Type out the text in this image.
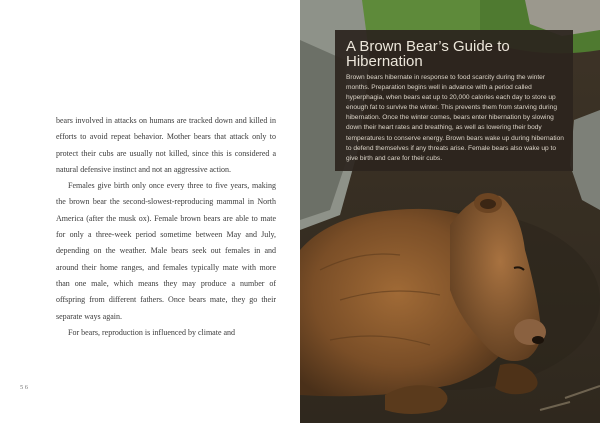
bears involved in attacks on humans are tracked down and killed in efforts to avoid repeat behavior. Mother bears that attack only to protect their cubs are usually not killed, since this is considered a natural defensive instinct and not an aggressive action.

Females give birth only once every three to five years, making the brown bear the second-slowest-reproducing mammal in North America (after the musk ox). Female brown bears are able to mate for only a three-week period sometime between May and July, depending on the weather. Male bears seek out females in and around their home ranges, and females typically mate with more than one male, which means they may produce a number of offspring from different fathers. Once bears mate, they go their separate ways again.

For bears, reproduction is influenced by climate and

56
A Brown Bear’s Guide to Hibernation

Brown bears hibernate in response to food scarcity during the winter months. Preparation begins well in advance with a period called hyperphagia, when bears eat up to 20,000 calories each day to store up enough fat to survive the winter. This prevents them from starving during hibernation. Once the winter comes, bears enter hibernation by slowing down their heart rates and breathing, as well as lowering their body temperatures to conserve energy. Brown bears wake up during hibernation to defend themselves if any threats arise. Female bears also wake up to give birth and care for their cubs.
